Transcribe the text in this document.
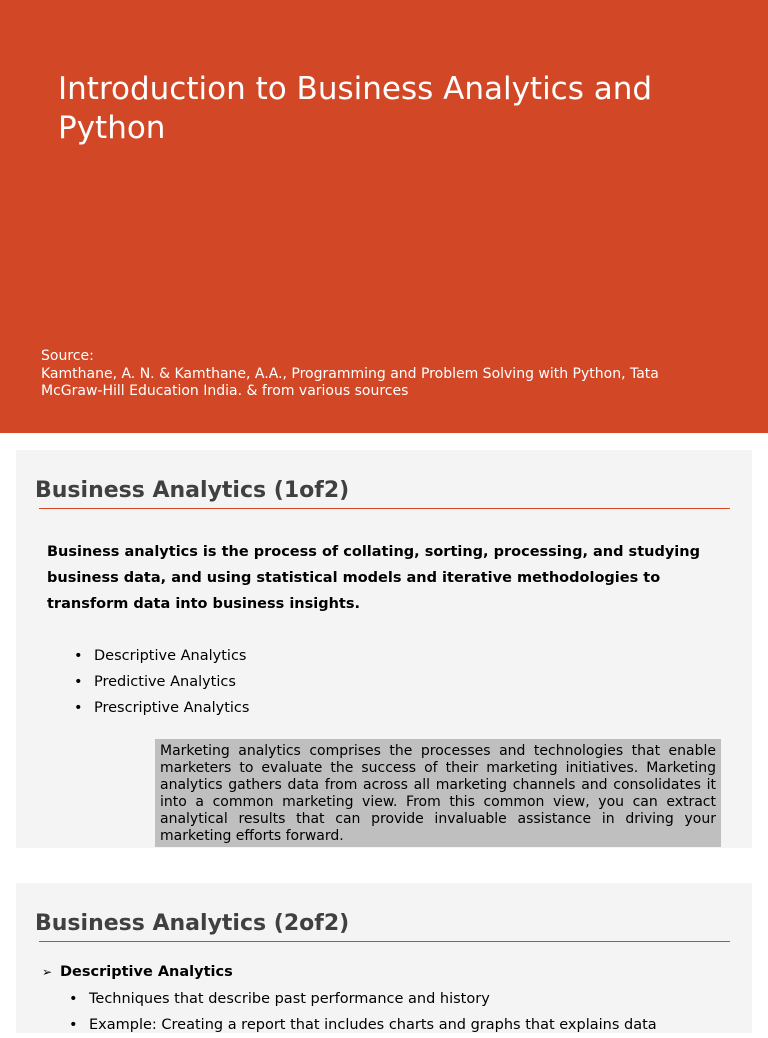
Introduction to Business Analytics and Python
Source:
Kamthane, A. N. & Kamthane, A.A., Programming and Problem Solving with Python, Tata
McGraw-Hill Education India. & from various sources
Business Analytics (1of2)
Business analytics is the process of collating, sorting, processing, and studying business data, and using statistical models and iterative methodologies to transform data into business insights.
• Descriptive Analytics
• Predictive Analytics
• Prescriptive Analytics
Marketing analytics comprises the processes and technologies that enable marketers to evaluate the success of their marketing initiatives. Marketing analytics gathers data from across all marketing channels and consolidates it into a common marketing view. From this common view, you can extract analytical results that can provide invaluable assistance in driving your marketing efforts forward.
Business Analytics (2of2)
➢ Descriptive Analytics
• Techniques that describe past performance and history
• Example: Creating a report that includes charts and graphs that explains data
